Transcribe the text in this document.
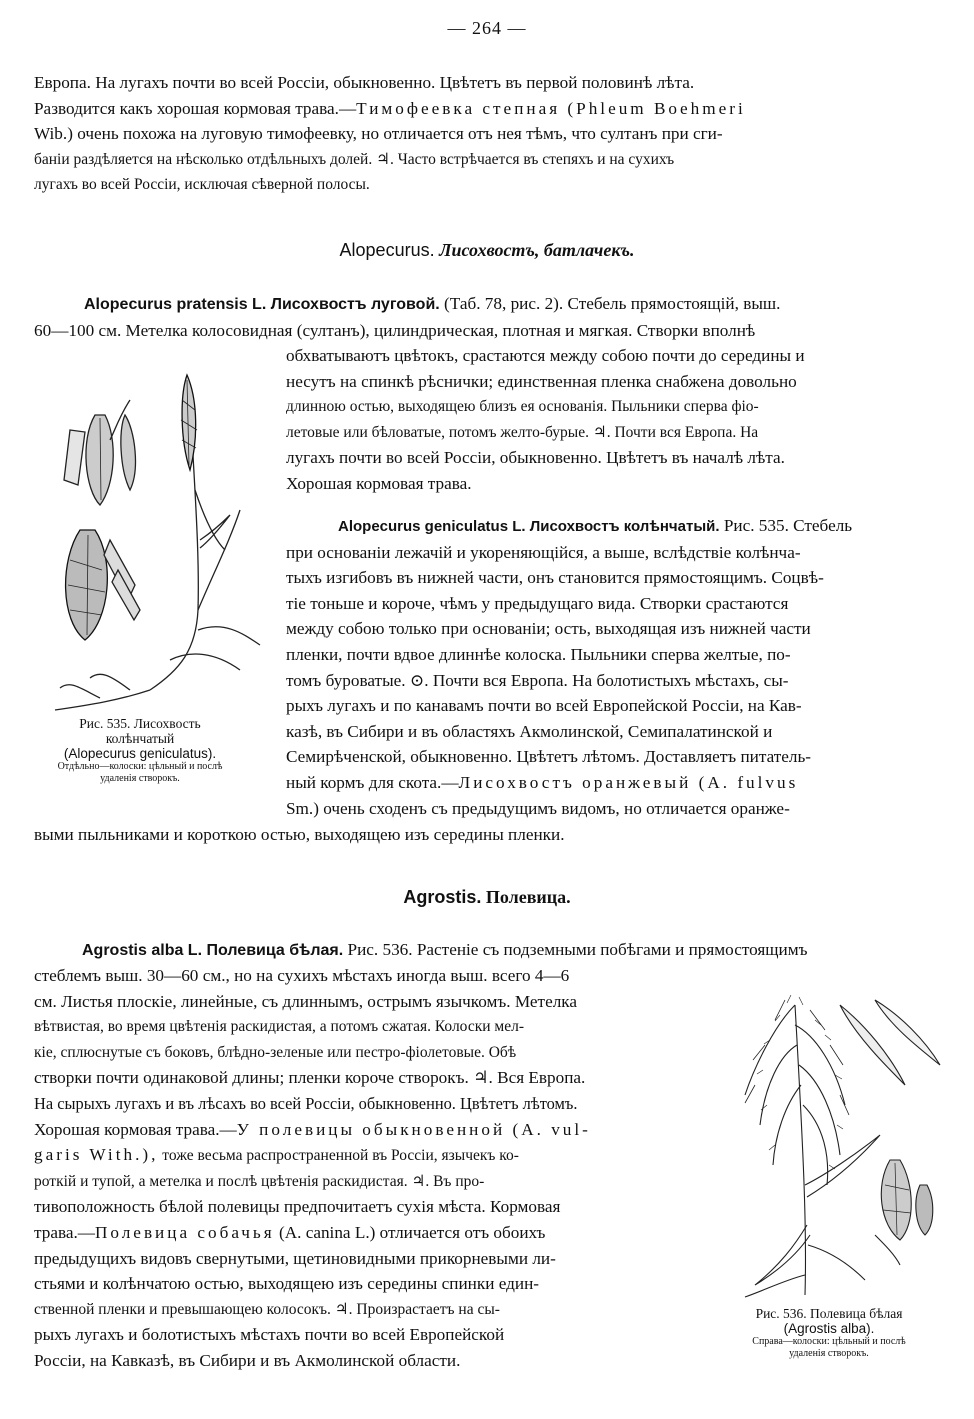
— 264 —
Европа. На лугахъ почти во всей Россіи, обыкновенно. Цвѣтетъ въ первой половинѣ лѣта.
Разводится какъ хорошая кормовая трава.—Тимофеевка степная (Phleum Boehmeri
Wib.) очень похожа на луговую тимофеевку, но отличается отъ нея тѣмъ, что султанъ при сги-
баніи раздѣляется на нѣсколько отдѣльныхъ долей. ♃. Часто встрѣчается въ степяхъ и на сухихъ
лугахъ во всей Россіи, исключая сѣверной полосы.
Alopecurus. Лисохвостъ, батлачекъ.
Alopecurus pratensis L. Лисохвостъ луговой. (Таб. 78, рис. 2). Стебель прямостоящій, выш.
60—100 см. Метелка колосовидная (султанъ), цилиндрическая, плотная и мягкая. Створки вполнѣ
обхватываютъ цвѣтокъ, срастаются между собою почти до середины и
несутъ на спинкѣ рѣснички; единственная пленка снабжена довольно
длинною остью, выходящею близъ ея основанія. Пыльники сперва фіо-
летовые или бѣловатые, потомъ желто-бурые. ♃. Почти вся Европа. На
лугахъ почти во всей Россіи, обыкновенно. Цвѣтетъ въ началѣ лѣта.
Хорошая кормовая трава.
Alopecurus geniculatus L. Лисохвостъ колѣнчатый. Рис. 535. Стебель
при основаніи лежачій и укореняющійся, а выше, вслѣдствіе колѣнча-
тыхъ изгибовъ въ нижней части, онъ становится прямостоящимъ. Соцвѣ-
тіе тоньше и короче, чѣмъ у предыдущаго вида. Створки срастаются
между собою только при основаніи; ость, выходящая изъ нижней части
пленки, почти вдвое длиннѣе колоска. Пыльники сперва желтые, по-
томъ буроватые. ⊙. Почти вся Европа. На болотистыхъ мѣстахъ, сы-
рыхъ лугахъ и по канавамъ почти во всей Европейской Россіи, на Кав-
казѣ, въ Сибири и въ областяхъ Акмолинской, Семипалатинской и
Семирѣченской, обыкновенно. Цвѣтетъ лѣтомъ. Доставляетъ питатель-
ный кормъ для скота.—Лисохвостъ оранжевый (A. fulvus
Sm.) очень сходенъ съ предыдущимъ видомъ, но отличается оранже-
выми пыльниками и короткою остью, выходящею изъ середины пленки.
Рис. 535. Лисохвость
колѣнчатый
(Alopecurus geniculatus).
Отдѣльно—колоски: цѣльный и послѣ
удаленія створокъ.
Agrostis. Полевица.
Agrostis alba L. Полевица бѣлая. Рис. 536. Растеніе съ подземными побѣгами и прямостоящимъ
стеблемъ выш. 30—60 см., но на сухихъ мѣстахъ иногда выш. всего 4—6
см. Листья плоскіе, линейные, съ длиннымъ, острымъ язычкомъ. Метелка
вѣтвистая, во время цвѣтенія раскидистая, а потомъ сжатая. Колоски мел-
кіе, сплюснутые съ боковъ, блѣдно-зеленые или пестро-фіолетовые. Обѣ
створки почти одинаковой длины; пленки короче створокъ. ♃. Вся Европа.
На сырыхъ лугахъ и въ лѣсахъ во всей Россіи, обыкновенно. Цвѣтетъ лѣтомъ.
Хорошая кормовая трава.—У полевицы обыкновенной (A. vul-
garis With.), тоже весьма распространенной въ Россіи, язычекъ ко-
роткій и тупой, а метелка и послѣ цвѣтенія раскидистая. ♃. Въ про-
тивоположность бѣлой полевицы предпочитаетъ сухія мѣста. Кормовая
трава.—Полевица собачья (A. canina L.) отличается отъ обоихъ
предыдущихъ видовъ свернутыми, щетиновидными прикорневыми ли-
стьями и колѣнчатою остью, выходящею изъ середины спинки един-
ственной пленки и превышающею колосокъ. ♃. Произрастаетъ на сы-
рыхъ лугахъ и болотистыхъ мѣстахъ почти во всей Европейской
Россіи, на Кавказѣ, въ Сибири и въ Акмолинской области.
Рис. 536. Полевица бѣлая
(Agrostis alba).
Справа—колоски: цѣльный и послѣ
удаленія створокъ.
